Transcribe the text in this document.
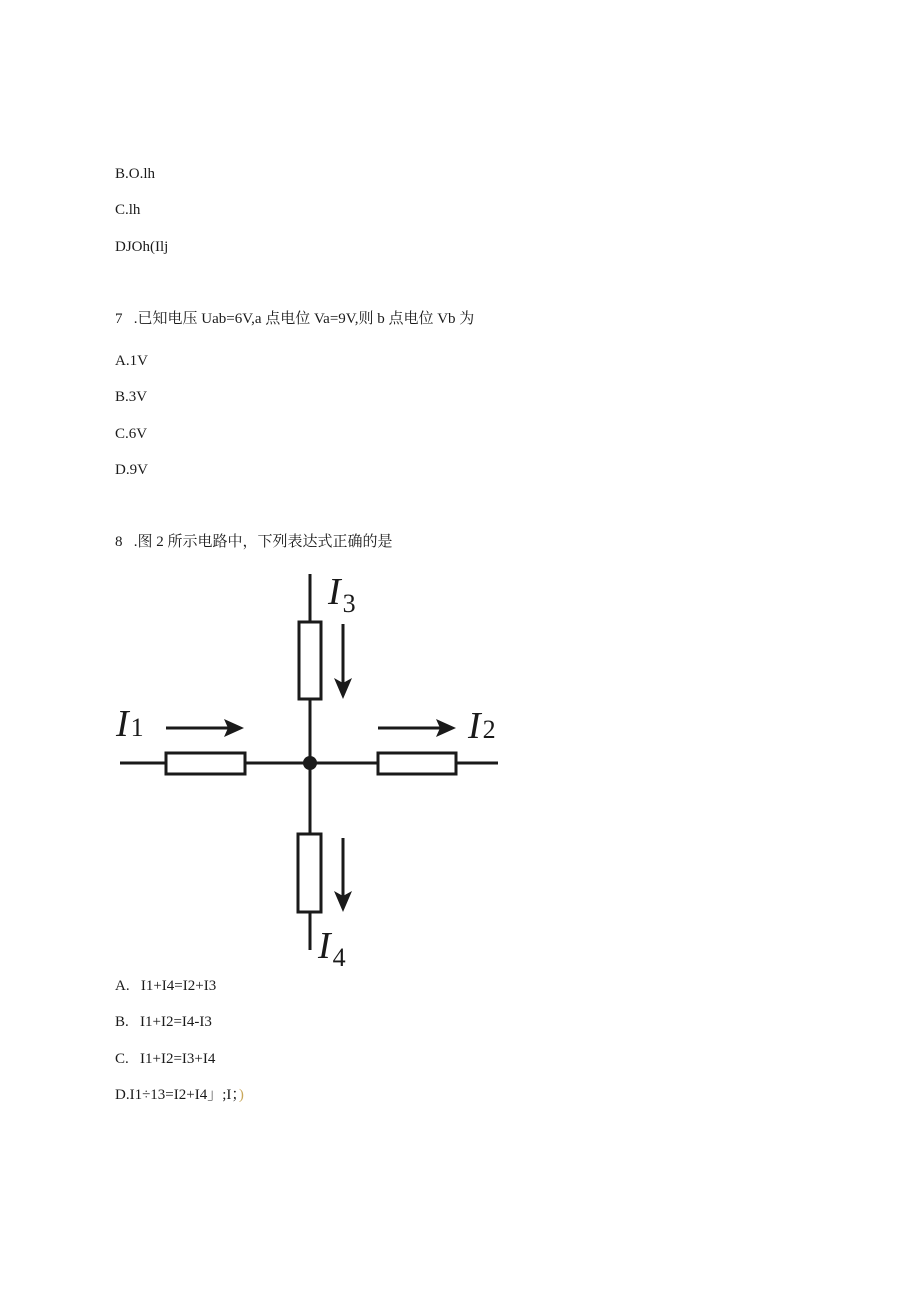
B.O.lh

C.lh

DJOh(Ilj

7 .已知电压 Uab=6V,a 点电位 Va=9V,则 b 点电位 Vb 为

A.1V

B.3V

C.6V

D.9V

8 .图 2 所示电路中，下列表达式正确的是

I1	I2
$I_3$
$I_4$

A. I1+I4=I2+I3

B. I1+I2=I4-I3

C. I1+I2=I3+I4

D.I1÷13=I2+I4」;I；)
